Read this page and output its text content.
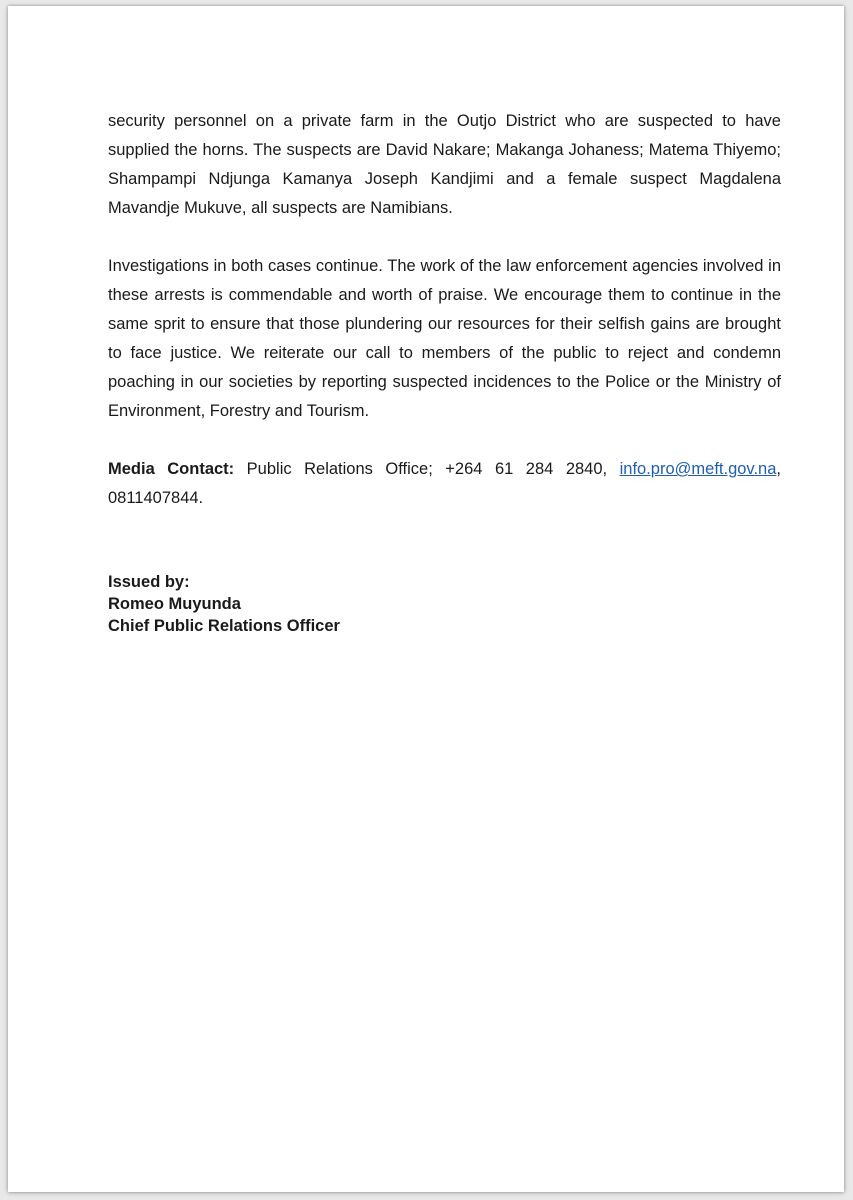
security personnel on a private farm in the Outjo District who are suspected to have supplied the horns. The suspects are David Nakare; Makanga Johaness; Matema Thiyemo; Shampampi Ndjunga Kamanya Joseph Kandjimi and a female suspect Magdalena Mavandje Mukuve, all suspects are Namibians.

Investigations in both cases continue. The work of the law enforcement agencies involved in these arrests is commendable and worth of praise. We encourage them to continue in the same sprit to ensure that those plundering our resources for their selfish gains are brought to face justice. We reiterate our call to members of the public to reject and condemn poaching in our societies by reporting suspected incidences to the Police or the Ministry of Environment, Forestry and Tourism.

Media Contact: Public Relations Office; +264 61 284 2840, info.pro@meft.gov.na, 0811407844.

Issued by:
Romeo Muyunda
Chief Public Relations Officer
